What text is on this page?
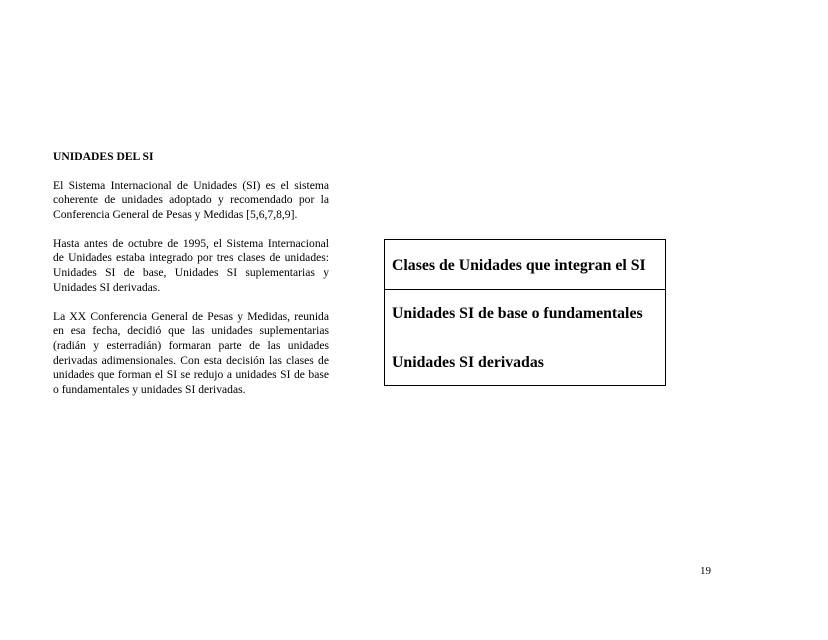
UNIDADES DEL SI

El Sistema Internacional de Unidades (SI) es el sistema coherente de unidades adoptado y recomendado por la Conferencia General de Pesas y Medidas [5,6,7,8,9].

Hasta antes de octubre de 1995, el Sistema Internacional de Unidades estaba integrado por tres clases de unidades: Unidades SI de base, Unidades SI suplementarias y Unidades SI derivadas.

La XX Conferencia General de Pesas y Medidas, reunida en esa fecha, decidió que las unidades suplementarias (radián y esterradián) formaran parte de las unidades derivadas adimensionales. Con esta decisión las clases de unidades que forman el SI se redujo a unidades SI de base o fundamentales y unidades SI derivadas.

Clases de Unidades que integran el SI
Unidades SI de base o fundamentales
Unidades SI derivadas
19
